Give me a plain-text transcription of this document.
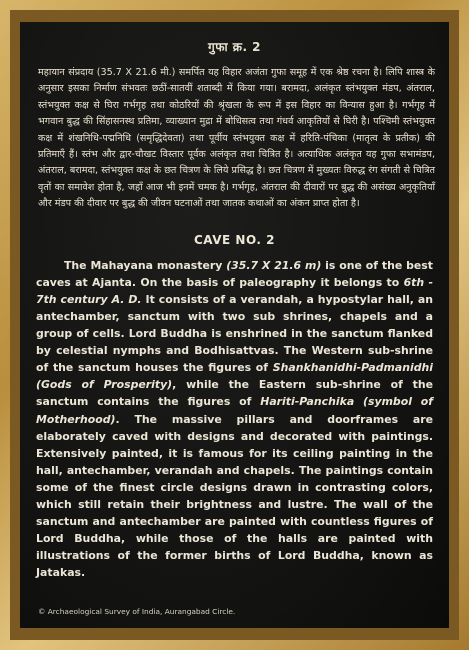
गुफा क्र. 2

महायान संप्रदाय (35.7 X 21.6 मी.) समर्पित यह विहार अजंता गुफा समूह में एक श्रेष्ठ रचना है। लिपि शास्त्र के अनुसार इसका निर्माण संभवतः छठीं-सातवीं शताब्दी में किया गया। बरामदा, अलंकृत स्तंभयुक्त मंडप, अंतराल, स्तंभयुक्त कक्ष से घिरा गर्भगृह तथा कोठरियों की श्रृंखला के रूप में इस विहार का विन्यास हुआ है। गर्भगृह में भगवान बुद्ध की सिंहासनस्थ प्रतिमा, व्याख्यान मुद्रा में बोधिसत्व तथा गंधर्व आकृतियों से घिरी है। पश्चिमी स्तंभयुक्त कक्ष में शंखनिधि-पद्मनिधि (समृद्धिदेवता) तथा पूर्वीय स्तंभयुक्त कक्ष में हरिति-पंचिका (मातृत्व के प्रतीक) की प्रतिमाएँ हैं। स्तंभ और द्वार-चौखट विस्तार पूर्वक अलंकृत तथा चित्रित है। अत्याधिक अलंकृत यह गुफा सभामंडप, अंतराल, बरामदा, स्तंभयुक्त कक्ष के छत चित्रण के लिये प्रसिद्ध है। छत चित्रण में मुख्यतः विरुद्ध रंग संगती से चित्रित वृतों का समावेश होता है, जहाँ आज भी इनमें चमक है। गर्भगृह, अंतराल की दीवारों पर बुद्ध की असंख्य अनुकृतियाँ और मंडप की दीवार पर बुद्ध की जीवन घटनाओं तथा जातक कथाओं का अंकन प्राप्त होता है।

CAVE NO. 2

The Mahayana monastery (35.7 X 21.6 m) is one of the best caves at Ajanta. On the basis of paleography it belongs to 6th - 7th century A. D. It consists of a verandah, a hypostylar hall, an antechamber, sanctum with two sub shrines, chapels and a group of cells. Lord Buddha is enshrined in the sanctum flanked by celestial nymphs and Bodhisattvas. The Western sub-shrine of the sanctum houses the figures of Shankhanidhi-Padmanidhi (Gods of Prosperity), while the Eastern sub-shrine of the sanctum contains the figures of Hariti-Panchika (symbol of Motherhood). The massive pillars and doorframes are elaborately caved with designs and decorated with paintings. Extensively painted, it is famous for its ceiling painting in the hall, antechamber, verandah and chapels. The paintings contain some of the finest circle designs drawn in contrasting colors, which still retain their brightness and lustre. The wall of the sanctum and antechamber are painted with countless figures of Lord Buddha, while those of the halls are painted with illustrations of the former births of Lord Buddha, known as Jatakas.

© Archaeological Survey of India, Aurangabad Circle.
